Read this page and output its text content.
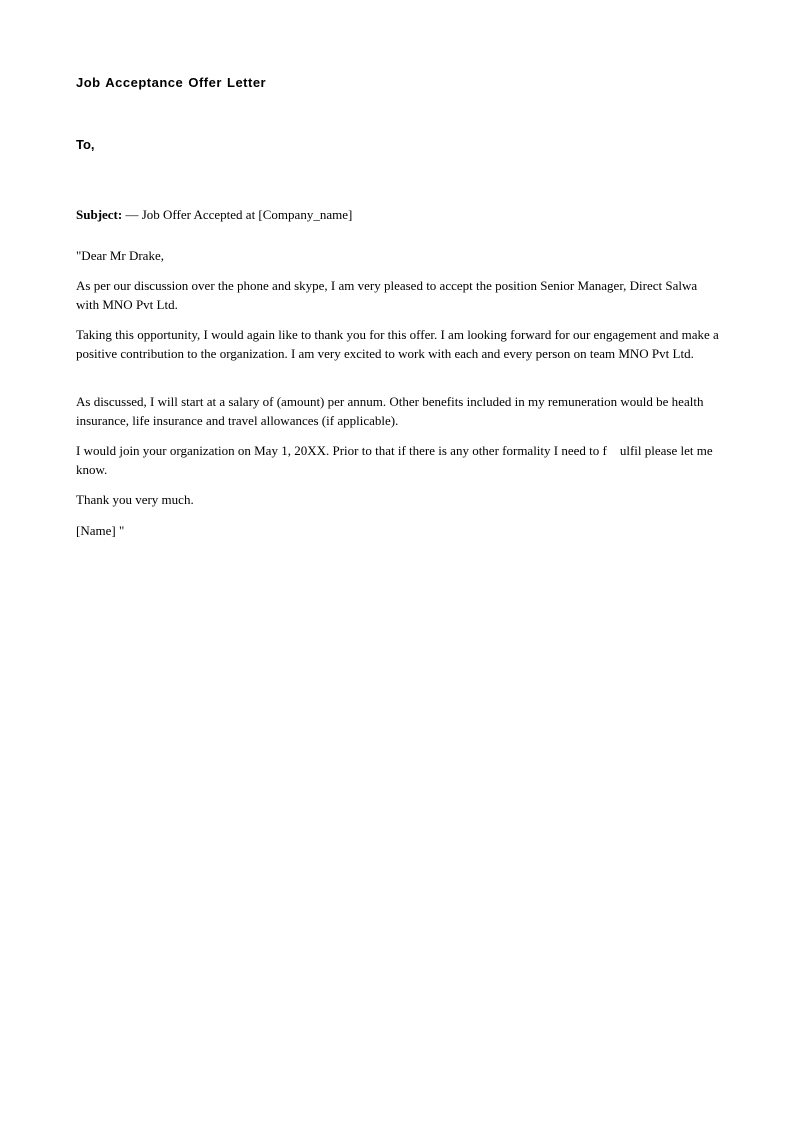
Job Acceptance Offer Letter
To,

Subject: — Job Offer Accepted at [Company_name]

"Dear Mr Drake,

As per our discussion over the phone and skype, I am very pleased to accept the position Senior Manager, Direct Salwa with MNO Pvt Ltd.

Taking this opportunity, I would again like to thank you for this offer. I am looking forward for our engagement and make a positive contribution to the organization. I am very excited to work with each and every person on team MNO Pvt Ltd.

As discussed, I will start at a salary of (amount) per annum. Other benefits included in my remuneration would be health insurance, life insurance and travel allowances (if applicable).

I would join your organization on May 1, 20XX. Prior to that if there is any other formality I need to f    ulfil please let me know.

Thank you very much.

[Name] "
